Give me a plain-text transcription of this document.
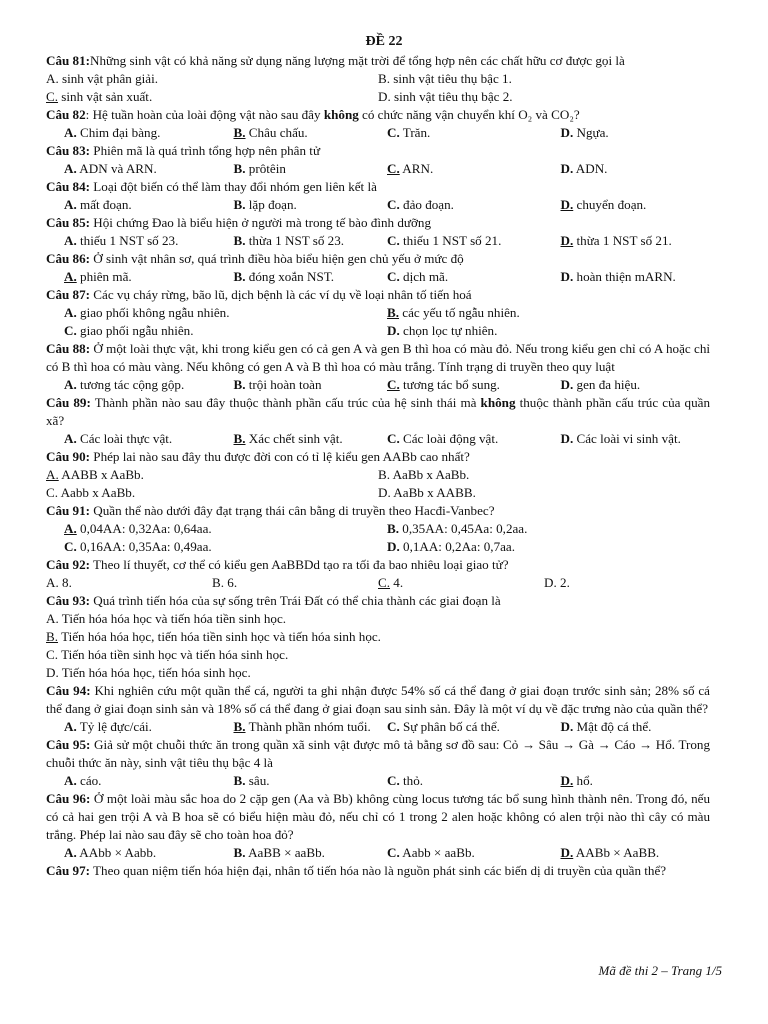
ĐỀ 22
Câu 81:Những sinh vật có khả năng sử dụng năng lượng mặt trời để tổng hợp nên các chất hữu cơ được gọi là
A. sinh vật phân giải.	B. sinh vật tiêu thụ bậc 1.
C. sinh vật sản xuất.	D. sinh vật tiêu thụ bậc 2.
Câu 82: Hệ tuần hoàn của loài động vật nào sau đây không có chức năng vận chuyển khí O₂ và CO₂?
A. Chim đại bàng.	B. Châu chấu.	C. Trăn.	D. Ngựa.
Câu 83: Phiên mã là quá trình tổng hợp nên phân tử
A. ADN và ARN.	B. prôtêin	C. ARN.	D. ADN.
Câu 84: Loại đột biến có thể làm thay đổi nhóm gen liên kết là
A. mất đoạn.	B. lặp đoạn.	C. đảo đoạn.	D. chuyển đoạn.
Câu 85: Hội chứng Đao là biểu hiện ở người mà trong tế bào đình dưỡng
A. thiếu 1 NST số 23.	B. thừa 1 NST số 23.	C. thiếu 1 NST số 21.	D. thừa 1 NST số 21.
Câu 86: Ở sinh vật nhân sơ, quá trình điều hòa biểu hiện gen chủ yếu ở mức độ
A. phiên mã.	B. đóng xoắn NST.	C. dịch mã.	D. hoàn thiện mARN.
Câu 87: Các vụ cháy rừng, bão lũ, dịch bệnh là các ví dụ về loại nhân tố tiến hoá
A. giao phối không ngẫu nhiên.	B. các yếu tố ngẫu nhiên.
C. giao phối ngẫu nhiên.	D. chọn lọc tự nhiên.
Câu 88: Ở một loài thực vật, khi trong kiểu gen có cả gen A và gen B thì hoa có màu đỏ. Nếu trong kiểu gen chỉ có A hoặc chỉ có B thì hoa có màu vàng. Nếu không có gen A và B thì hoa có màu trắng. Tính trạng di truyền theo quy luật
A. tương tác cộng gộp.	B. trội hoàn toàn	C. tương tác bổ sung.	D. gen đa hiệu.
Câu 89: Thành phần nào sau đây thuộc thành phần cấu trúc của hệ sinh thái mà không thuộc thành phần cấu trúc của quần xã?
A. Các loài thực vật.	B. Xác chết sinh vật.	C. Các loài động vật.	D. Các loài vi sinh vật.
Câu 90: Phép lai nào sau đây thu được đời con có tỉ lệ kiểu gen AABb cao nhất?
A. AABB x AaBb.	B. AaBb x AaBb.
C. Aabb x AaBb.	D. AaBb x AABB.
Câu 91: Quần thể nào dưới đây đạt trạng thái cân bằng di truyền theo Hacđi-Vanbec?
A. 0,04AA: 0,32Aa: 0,64aa.	B. 0,35AA: 0,45Aa: 0,2aa.
C. 0,16AA: 0,35Aa: 0,49aa.	D. 0,1AA: 0,2Aa: 0,7aa.
Câu 92: Theo lí thuyết, cơ thể có kiểu gen AaBBDd tạo ra tối đa bao nhiêu loại giao tử?
A. 8.	B. 6.	C. 4.	D. 2.
Câu 93: Quá trình tiến hóa của sự sống trên Trái Đất có thể chia thành các giai đoạn là
A. Tiến hóa hóa học và tiến hóa tiền sinh học.
B. Tiến hóa hóa học, tiến hóa tiền sinh học và tiến hóa sinh học.
C. Tiến hóa tiền sinh học và tiến hóa sinh học.
D. Tiến hóa hóa học, tiến hóa sinh học.
Câu 94: Khi nghiên cứu một quần thể cá, người ta ghi nhận được 54% số cá thể đang ở giai đoạn trước sinh sản; 28% số cá thể đang ở giai đoạn sinh sản và 18% số cá thể đang ở giai đoạn sau sinh sản. Đây là một ví dụ về đặc trưng nào của quần thể?
A. Tỷ lệ đực/cái.	B. Thành phần nhóm tuổi.	C. Sự phân bố cá thể.	D. Mật độ cá thể.
Câu 95: Giả sử một chuỗi thức ăn trong quần xã sinh vật được mô tả bằng sơ đồ sau: Cỏ → Sâu → Gà → Cáo → Hổ. Trong chuỗi thức ăn này, sinh vật tiêu thụ bậc 4 là
A. cáo.	B. sâu.	C. thỏ.	D. hổ.
Câu 96: Ở một loài màu sắc hoa do 2 cặp gen (Aa và Bb) không cùng locus tương tác bổ sung hình thành nên. Trong đó, nếu có cả hai gen trội A và B hoa sẽ có biểu hiện màu đỏ, nếu chỉ có 1 trong 2 alen hoặc không có alen trội nào thì cây có màu trắng. Phép lai nào sau đây sẽ cho toàn hoa đỏ?
A. AAbb × Aabb.	B. AaBB × aaBb.	C. Aabb × aaBb.	D. AABb × AaBB.
Câu 97: Theo quan niệm tiến hóa hiện đại, nhân tố tiến hóa nào là nguồn phát sinh các biến dị di truyền của quần thể?
Mã đề thi 2 – Trang 1/5
